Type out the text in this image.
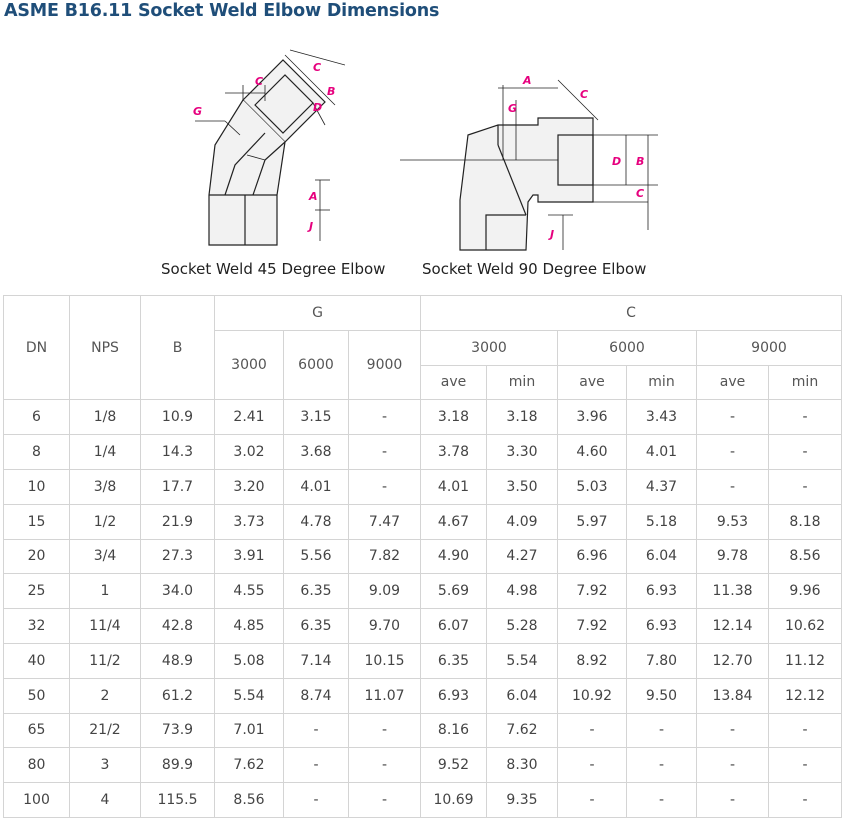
ASME B16.11 Socket Weld Elbow Dimensions
C
C
B
D
G
A
J
A
C
G
D B
C
J
Socket Weld 45 Degree Elbow Socket Weld 90 Degree Elbow
DN	NPS	B	G			C					
			3000	6000	9000	3000		6000		9000	
						ave	min	ave	min	ave	min
6	1/8	10.9	2.41	3.15	-	3.18	3.18	3.96	3.43	-	-
8	1/4	14.3	3.02	3.68	-	3.78	3.30	4.60	4.01	-	-
10	3/8	17.7	3.20	4.01	-	4.01	3.50	5.03	4.37	-	-
15	1/2	21.9	3.73	4.78	7.47	4.67	4.09	5.97	5.18	9.53	8.18
20	3/4	27.3	3.91	5.56	7.82	4.90	4.27	6.96	6.04	9.78	8.56
25	1	34.0	4.55	6.35	9.09	5.69	4.98	7.92	6.93	11.38	9.96
32	11/4	42.8	4.85	6.35	9.70	6.07	5.28	7.92	6.93	12.14	10.62
40	11/2	48.9	5.08	7.14	10.15	6.35	5.54	8.92	7.80	12.70	11.12
50	2	61.2	5.54	8.74	11.07	6.93	6.04	10.92	9.50	13.84	12.12
65	21/2	73.9	7.01	-	-	8.16	7.62	-	-	-	-
80	3	89.9	7.62	-	-	9.52	8.30	-	-	-	-
100	4	115.5	8.56	-	-	10.69	9.35	-	-	-	-
